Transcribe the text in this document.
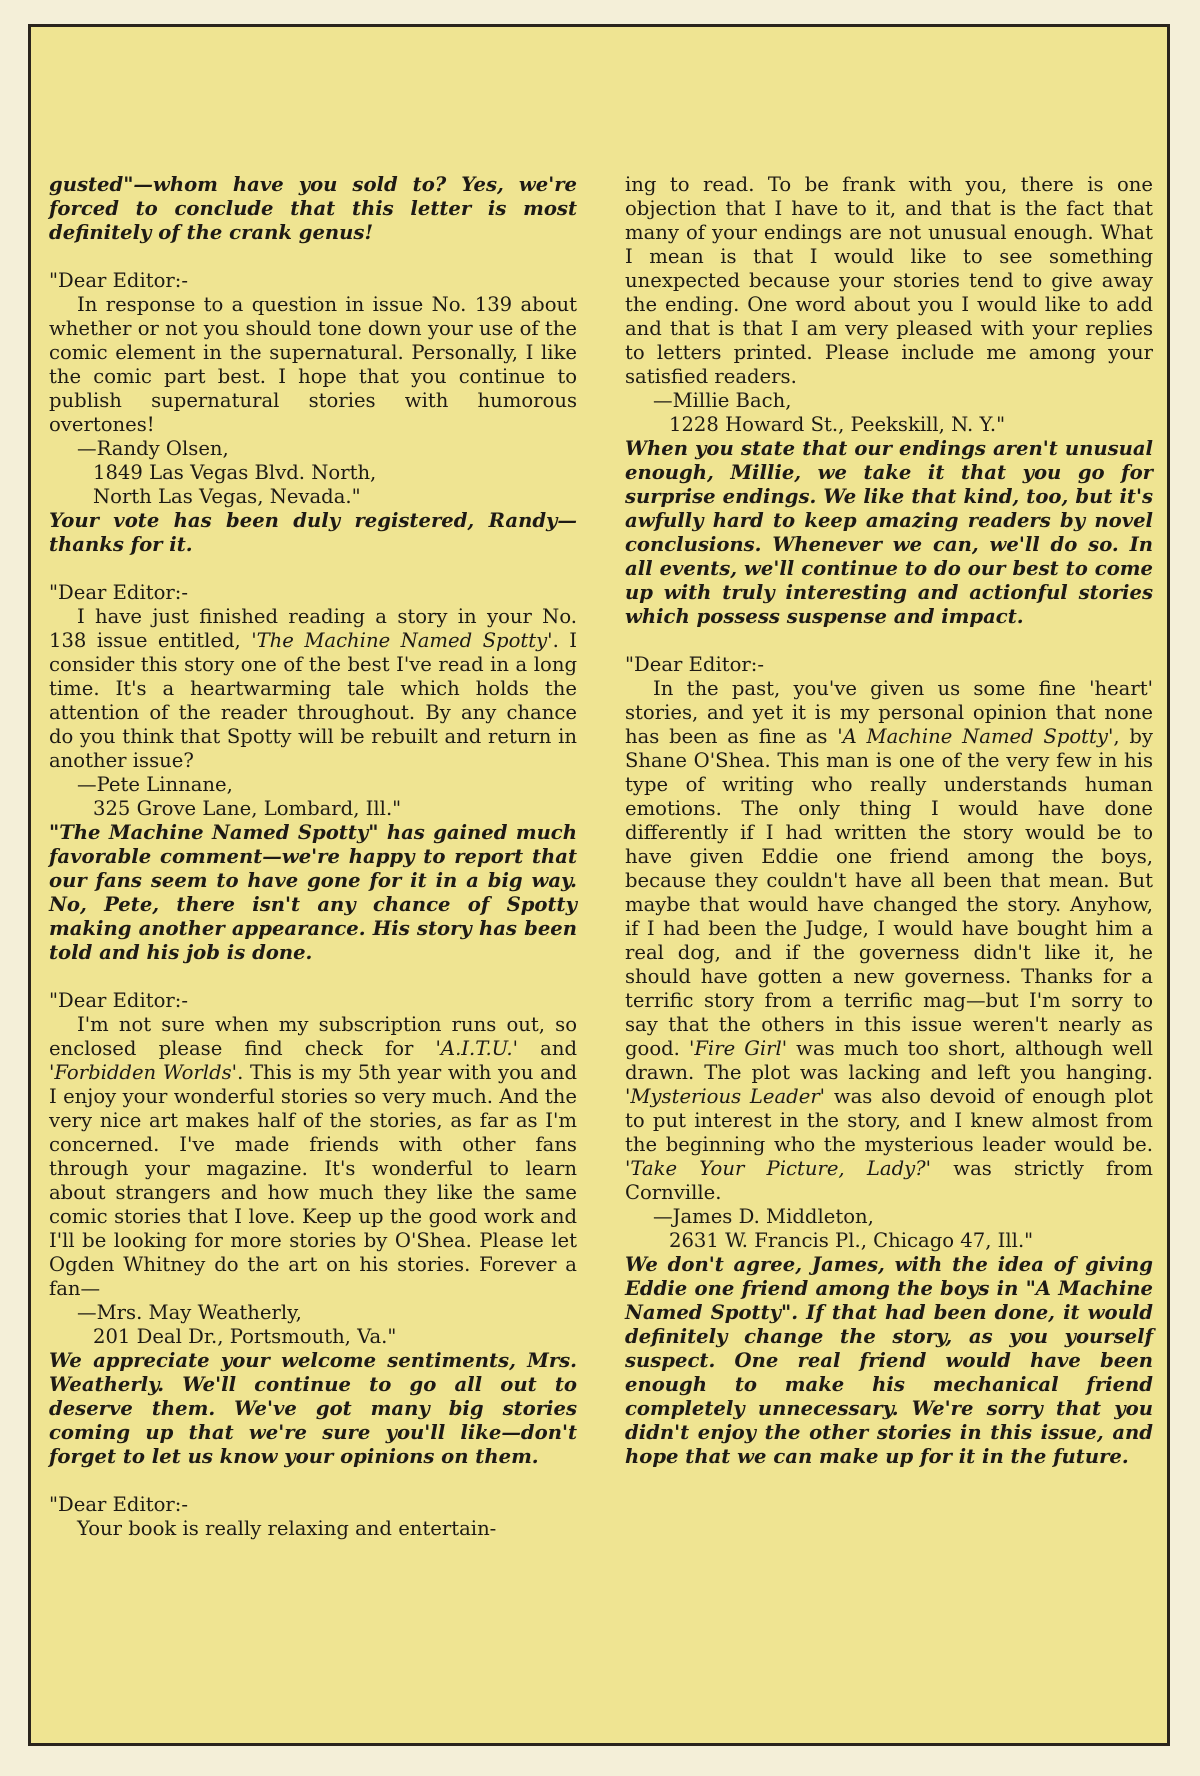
gusted"—whom have you sold to? Yes, we're forced to conclude that this letter is most definitely of the crank genus!

"Dear Editor:-

In response to a question in issue No. 139 about whether or not you should tone down your use of the comic element in the supernatural. Personally, I like the comic part best. I hope that you continue to publish supernatural stories with humorous overtones!

—Randy Olsen,

1849 Las Vegas Blvd. North,

North Las Vegas, Nevada."

Your vote has been duly registered, Randy—thanks for it.

"Dear Editor:-

I have just finished reading a story in your No. 138 issue entitled, 'The Machine Named Spotty'. I consider this story one of the best I've read in a long time. It's a heartwarming tale which holds the attention of the reader throughout. By any chance do you think that Spotty will be rebuilt and return in another issue?

—Pete Linnane,

325 Grove Lane, Lombard, Ill."

"The Machine Named Spotty" has gained much favorable comment—we're happy to report that our fans seem to have gone for it in a big way. No, Pete, there isn't any chance of Spotty making another appearance. His story has been told and his job is done.

"Dear Editor:-

I'm not sure when my subscription runs out, so enclosed please find check for 'A.I.T.U.' and 'Forbidden Worlds'. This is my 5th year with you and I enjoy your wonderful stories so very much. And the very nice art makes half of the stories, as far as I'm concerned. I've made friends with other fans through your magazine. It's wonderful to learn about strangers and how much they like the same comic stories that I love. Keep up the good work and I'll be looking for more stories by O'Shea. Please let Ogden Whitney do the art on his stories. Forever a fan—

—Mrs. May Weatherly,

201 Deal Dr., Portsmouth, Va."

We appreciate your welcome sentiments, Mrs. Weatherly. We'll continue to go all out to deserve them. We've got many big stories coming up that we're sure you'll like—don't forget to let us know your opinions on them.

"Dear Editor:-

Your book is really relaxing and entertain-

ing to read. To be frank with you, there is one objection that I have to it, and that is the fact that many of your endings are not unusual enough. What I mean is that I would like to see something unexpected because your stories tend to give away the ending. One word about you I would like to add and that is that I am very pleased with your replies to letters printed. Please include me among your satisfied readers.

—Millie Bach,

1228 Howard St., Peekskill, N. Y."

When you state that our endings aren't unusual enough, Millie, we take it that you go for surprise endings. We like that kind, too, but it's awfully hard to keep amazing readers by novel conclusions. Whenever we can, we'll do so. In all events, we'll continue to do our best to come up with truly interesting and actionful stories which possess suspense and impact.

"Dear Editor:-

In the past, you've given us some fine 'heart' stories, and yet it is my personal opinion that none has been as fine as 'A Machine Named Spotty', by Shane O'Shea. This man is one of the very few in his type of writing who really understands human emotions. The only thing I would have done differently if I had written the story would be to have given Eddie one friend among the boys, because they couldn't have all been that mean. But maybe that would have changed the story. Anyhow, if I had been the Judge, I would have bought him a real dog, and if the governess didn't like it, he should have gotten a new governess. Thanks for a terrific story from a terrific mag—but I'm sorry to say that the others in this issue weren't nearly as good. 'Fire Girl' was much too short, although well drawn. The plot was lacking and left you hanging. 'Mysterious Leader' was also devoid of enough plot to put interest in the story, and I knew almost from the beginning who the mysterious leader would be. 'Take Your Picture, Lady?' was strictly from Cornville.

—James D. Middleton,

2631 W. Francis Pl., Chicago 47, Ill."

We don't agree, James, with the idea of giving Eddie one friend among the boys in "A Machine Named Spotty". If that had been done, it would definitely change the story, as you yourself suspect. One real friend would have been enough to make his mechanical friend completely unnecessary. We're sorry that you didn't enjoy the other stories in this issue, and hope that we can make up for it in the future.
